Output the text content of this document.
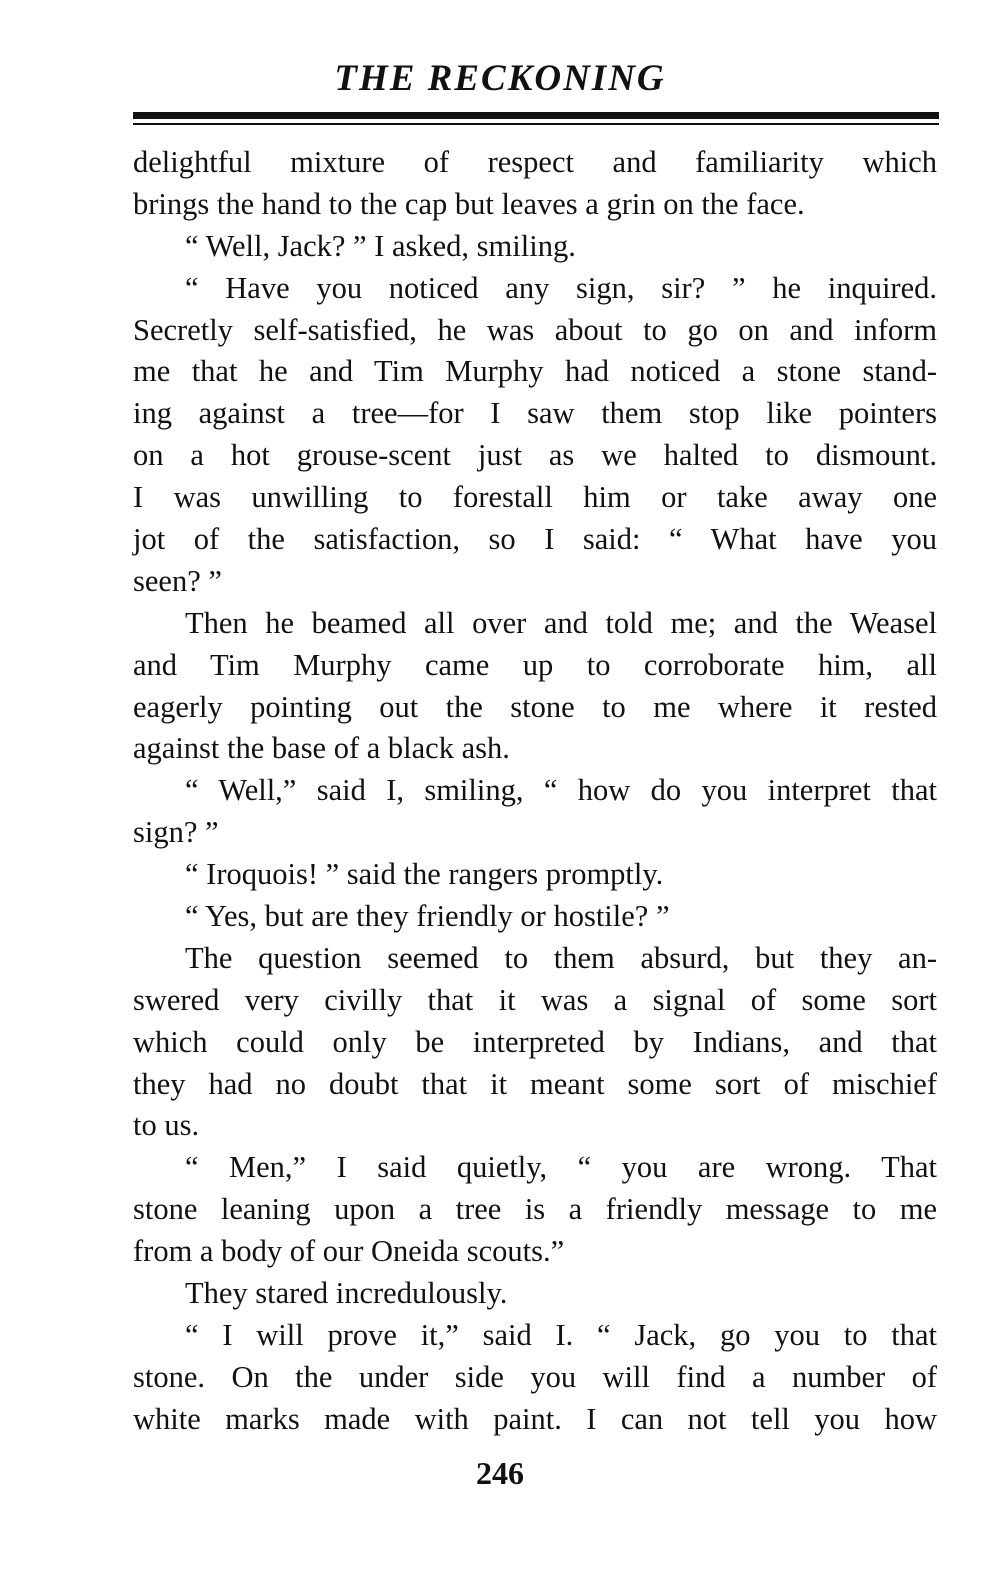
THE RECKONING
delightful mixture of respect and familiarity which
brings the hand to the cap but leaves a grin on the face.
“ Well, Jack? ” I asked, smiling.
“ Have you noticed any sign, sir? ” he inquired.
Secretly self-satisfied, he was about to go on and inform
me that he and Tim Murphy had noticed a stone stand-
ing against a tree—for I saw them stop like pointers
on a hot grouse-scent just as we halted to dismount.
I was unwilling to forestall him or take away one
jot of the satisfaction, so I said: “ What have you
seen? ”
Then he beamed all over and told me; and the Weasel
and Tim Murphy came up to corroborate him, all
eagerly pointing out the stone to me where it rested
against the base of a black ash.
“ Well,” said I, smiling, “ how do you interpret that
sign? ”
“ Iroquois! ” said the rangers promptly.
“ Yes, but are they friendly or hostile? ”
The question seemed to them absurd, but they an-
swered very civilly that it was a signal of some sort
which could only be interpreted by Indians, and that
they had no doubt that it meant some sort of mischief
to us.
“ Men,” I said quietly, “ you are wrong. That
stone leaning upon a tree is a friendly message to me
from a body of our Oneida scouts.”
They stared incredulously.
“ I will prove it,” said I. “ Jack, go you to that
stone. On the under side you will find a number of
white marks made with paint. I can not tell you how
246
